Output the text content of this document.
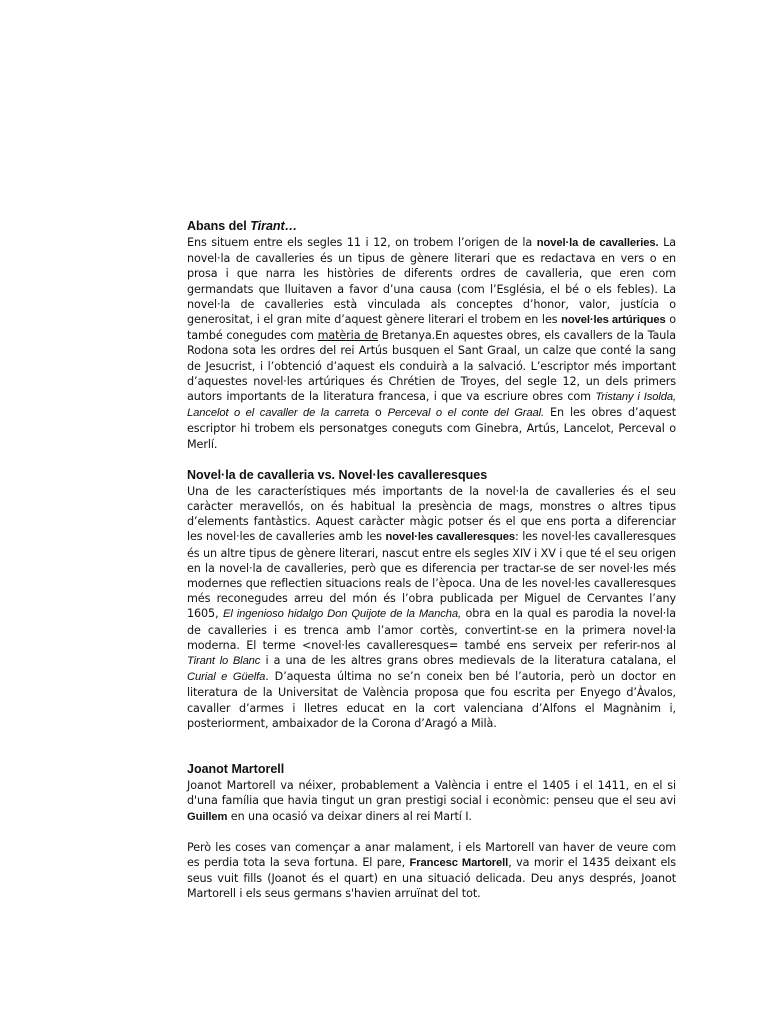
Abans del Tirant…

Ens situem entre els segles 11 i 12, on trobem l’origen de la novel·la de cavalleries. La novel·la de cavalleries és un tipus de gènere literari que es redactava en vers o en prosa i que narra les històries de diferents ordres de cavalleria, que eren com germandats que lluitaven a favor d’una causa (com l’Església, el bé o els febles). La novel·la de cavalleries està vinculada als conceptes d’honor, valor, justícia o generositat, i el gran mite d’aquest gènere literari el trobem en les novel·les artúriques o també conegudes com matèria de Bretanya.En aquestes obres, els cavallers de la Taula Rodona sota les ordres del rei Artús busquen el Sant Graal, un calze que conté la sang de Jesucrist, i l’obtenció d’aquest els conduirà a la salvació. L’escriptor més important d’aquestes novel·les artúriques és Chrétien de Troyes, del segle 12, un dels primers autors importants de la literatura francesa, i que va escriure obres com Tristany i Isolda, Lancelot o el cavaller de la carreta o Perceval o el conte del Graal. En les obres d’aquest escriptor hi trobem els personatges coneguts com Ginebra, Artús, Lancelot, Perceval o Merlí.

Novel·la de cavalleria vs. Novel·les cavalleresques

Una de les característiques més importants de la novel·la de cavalleries és el seu caràcter meravellós, on és habitual la presència de mags, monstres o altres tipus d’elements fantàstics. Aquest caràcter màgic potser és el que ens porta a diferenciar les novel·les de cavalleries amb les novel·les cavalleresques: les novel·les cavalleresques és un altre tipus de gènere literari, nascut entre els segles XIV i XV i que té el seu origen en la novel·la de cavalleries, però que es diferencia per tractar-se de ser novel·les més modernes que reflectien situacions reals de l’època. Una de les novel·les cavalleresques més reconegudes arreu del món és l’obra publicada per Miguel de Cervantes l’any 1605, El ingenioso hidalgo Don Quijote de la Mancha, obra en la qual es parodia la novel·la de cavalleries i es trenca amb l’amor cortès, convertint-se en la primera novel·la moderna. El terme <novel·les cavalleresques= també ens serveix per referir-nos al Tirant lo Blanc i a una de les altres grans obres medievals de la literatura catalana, el Curial e Güelfa. D’aquesta última no se’n coneix ben bé l’autoria, però un doctor en literatura de la Universitat de València proposa que fou escrita per Enyego d’Àvalos, cavaller d’armes i lletres educat en la cort valenciana d’Alfons el Magnànim i, posteriorment, ambaixador de la Corona d’Aragó a Milà.

Joanot Martorell

Joanot Martorell va néixer, probablement a València i entre el 1405 i el 1411, en el si d'una família que havia tingut un gran prestigi social i econòmic: penseu que el seu avi Guillem en una ocasió va deixar diners al rei Martí I.

Però les coses van començar a anar malament, i els Martorell van haver de veure com es perdia tota la seva fortuna. El pare, Francesc Martorell, va morir el 1435 deixant els seus vuit fills (Joanot és el quart) en una situació delicada. Deu anys després, Joanot Martorell i els seus germans s'havien arruïnat del tot.
